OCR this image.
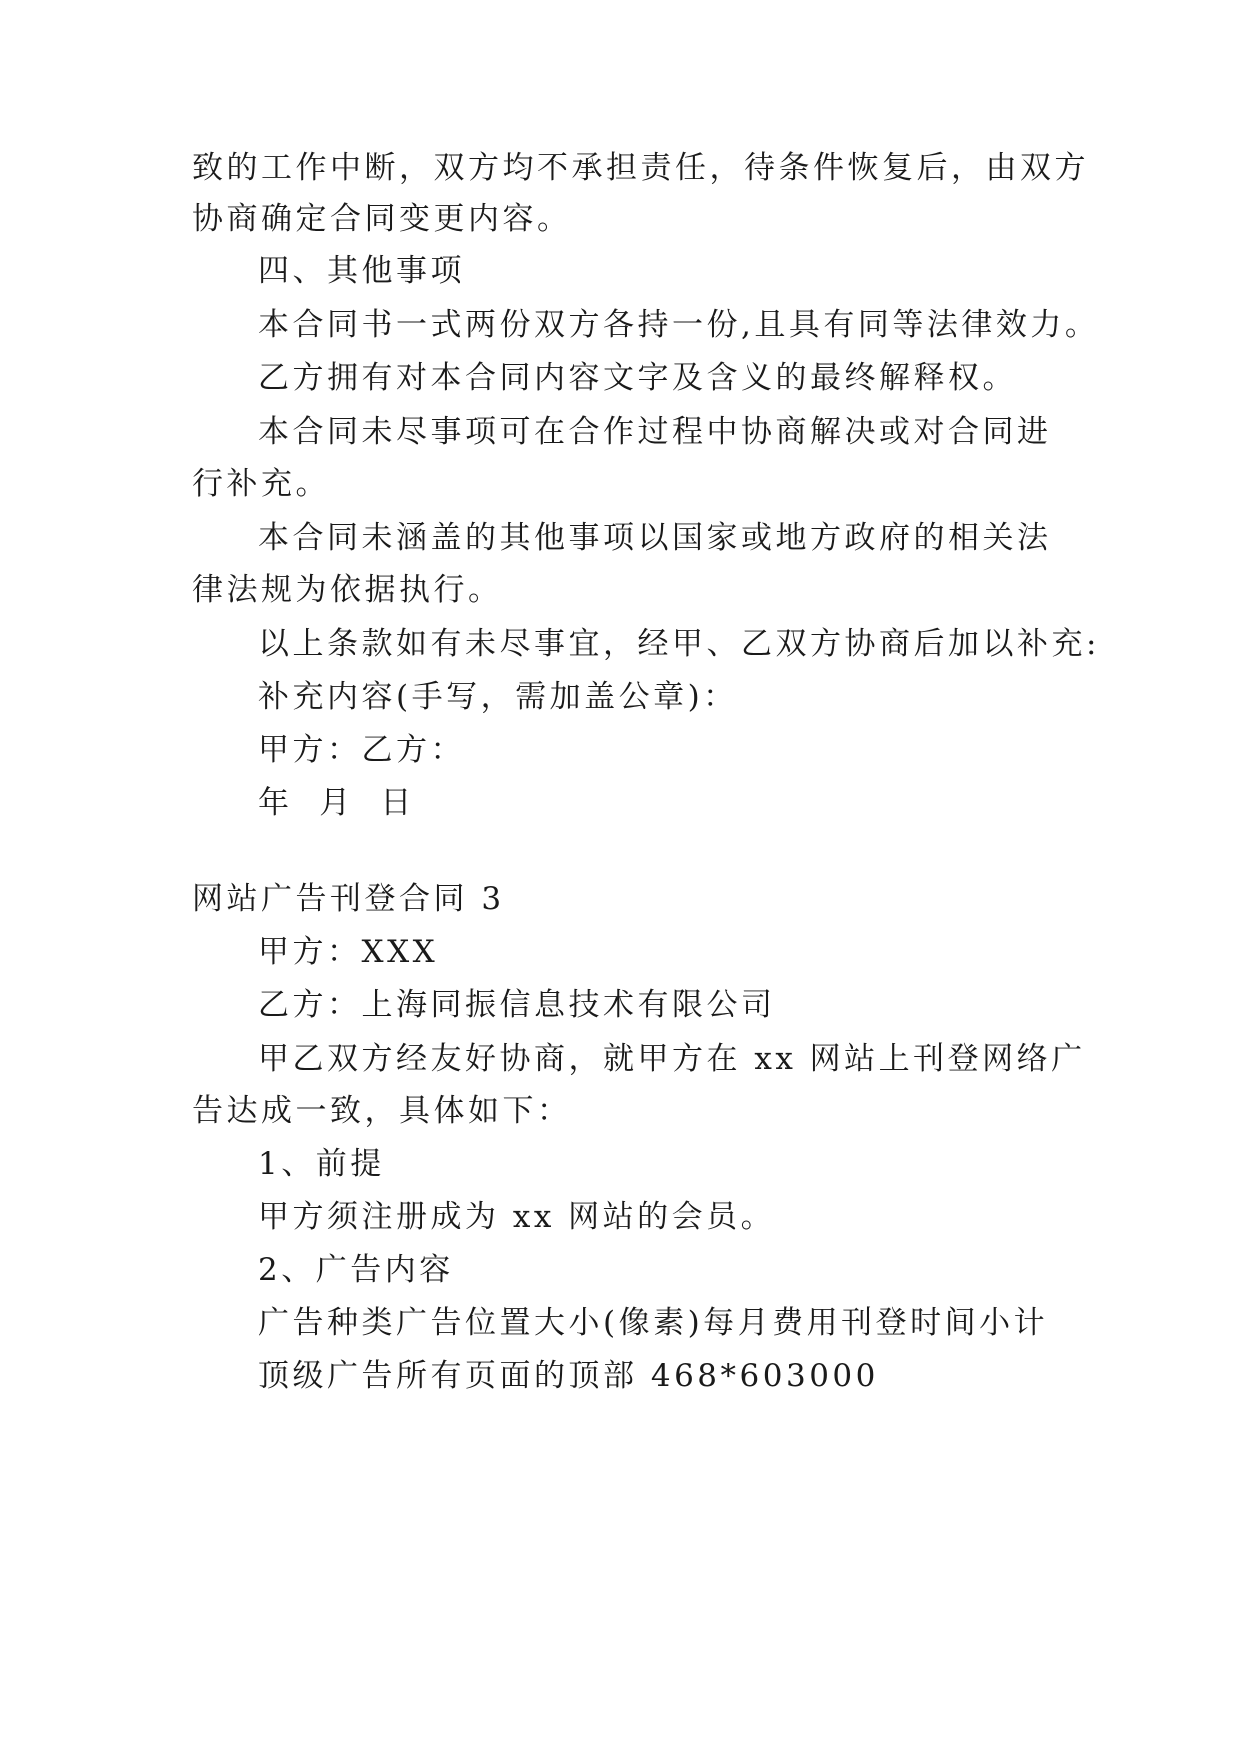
致的工作中断，双方均不承担责任，待条件恢复后，由双方
协商确定合同变更内容。
四、其他事项
本合同书一式两份双方各持一份,且具有同等法律效力。
乙方拥有对本合同内容文字及含义的最终解释权。
本合同未尽事项可在合作过程中协商解决或对合同进
行补充。
本合同未涵盖的其他事项以国家或地方政府的相关法
律法规为依据执行。
以上条款如有未尽事宜，经甲、乙双方协商后加以补充:
补充内容(手写，需加盖公章)：
甲方：乙方：
年  月  日
网站广告刊登合同 3
甲方：XXX
乙方：上海同振信息技术有限公司
甲乙双方经友好协商，就甲方在 xx 网站上刊登网络广
告达成一致，具体如下：
1、前提
甲方须注册成为 xx 网站的会员。
2、广告内容
广告种类广告位置大小(像素)每月费用刊登时间小计
顶级广告所有页面的顶部 468*603000
